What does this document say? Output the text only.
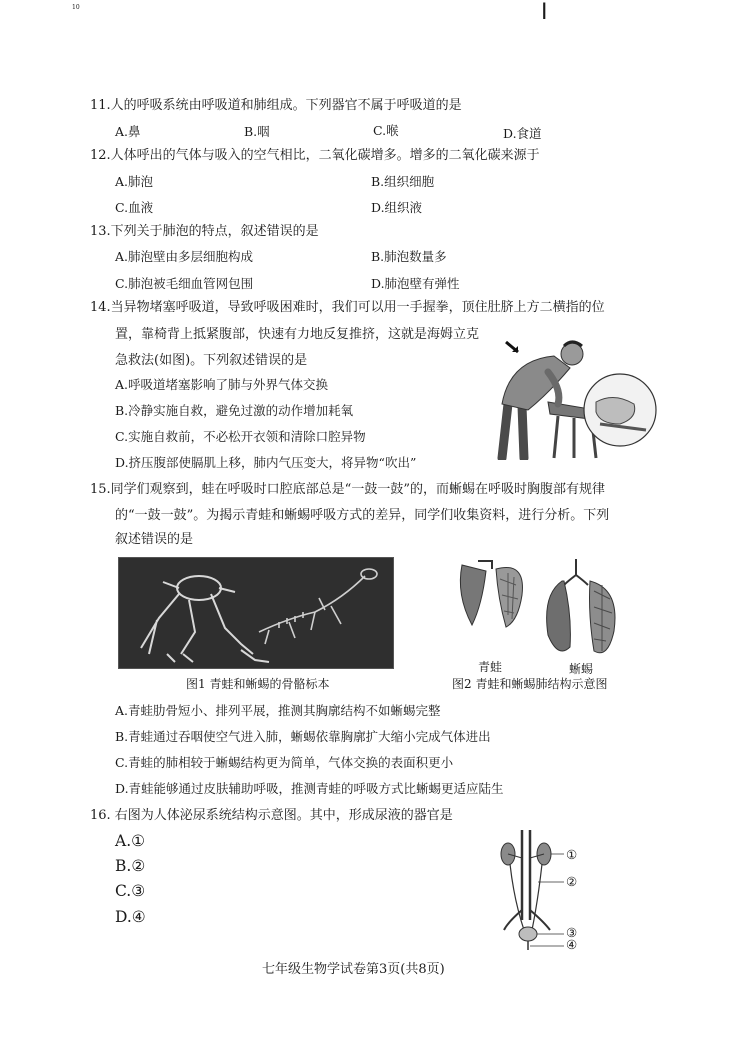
10	I
11.人的呼吸系统由呼吸道和肺组成。下列器官不属于呼吸道的是
A.鼻	B.咽	C.喉	D.食道
12.人体呼出的气体与吸入的空气相比，二氧化碳增多。增多的二氧化碳来源于
A.肺泡	B.组织细胞
C.血液	D.组织液
13.下列关于肺泡的特点，叙述错误的是
A.肺泡壁由多层细胞构成	B.肺泡数量多
C.肺泡被毛细血管网包围	D.肺泡壁有弹性
14.当异物堵塞呼吸道，导致呼吸困难时，我们可以用一手握拳，顶住肚脐上方二横指的位
置，靠椅背上抵紧腹部，快速有力地反复推挤，这就是海姆立克
急救法(如图)。下列叙述错误的是
A.呼吸道堵塞影响了肺与外界气体交换
B.冷静实施自救，避免过激的动作增加耗氧
C.实施自救前，不必松开衣领和清除口腔异物
D.挤压腹部使膈肌上移，肺内气压变大，将异物“吹出”
15.同学们观察到，蛙在呼吸时口腔底部总是“一鼓一鼓”的，而蜥蜴在呼吸时胸腹部有规律
的“一鼓一鼓”。为揭示青蛙和蜥蜴呼吸方式的差异，同学们收集资料，进行分析。下列
叙述错误的是
图1 青蛙和蜥蜴的骨骼标本
青蛙	蜥蜴
图2 青蛙和蜥蜴肺结构示意图
A.青蛙肋骨短小、排列平展，推测其胸廓结构不如蜥蜴完整
B.青蛙通过吞咽使空气进入肺，蜥蜴依靠胸廓扩大缩小完成气体进出
C.青蛙的肺相较于蜥蜴结构更为简单，气体交换的表面积更小
D.青蛙能够通过皮肤辅助呼吸，推测青蛙的呼吸方式比蜥蜴更适应陆生
16. 右图为人体泌尿系统结构示意图。其中，形成尿液的器官是
A.①
B.②
C.③
D.④
①
②
③
④
七年级生物学试卷第3页(共8页)
